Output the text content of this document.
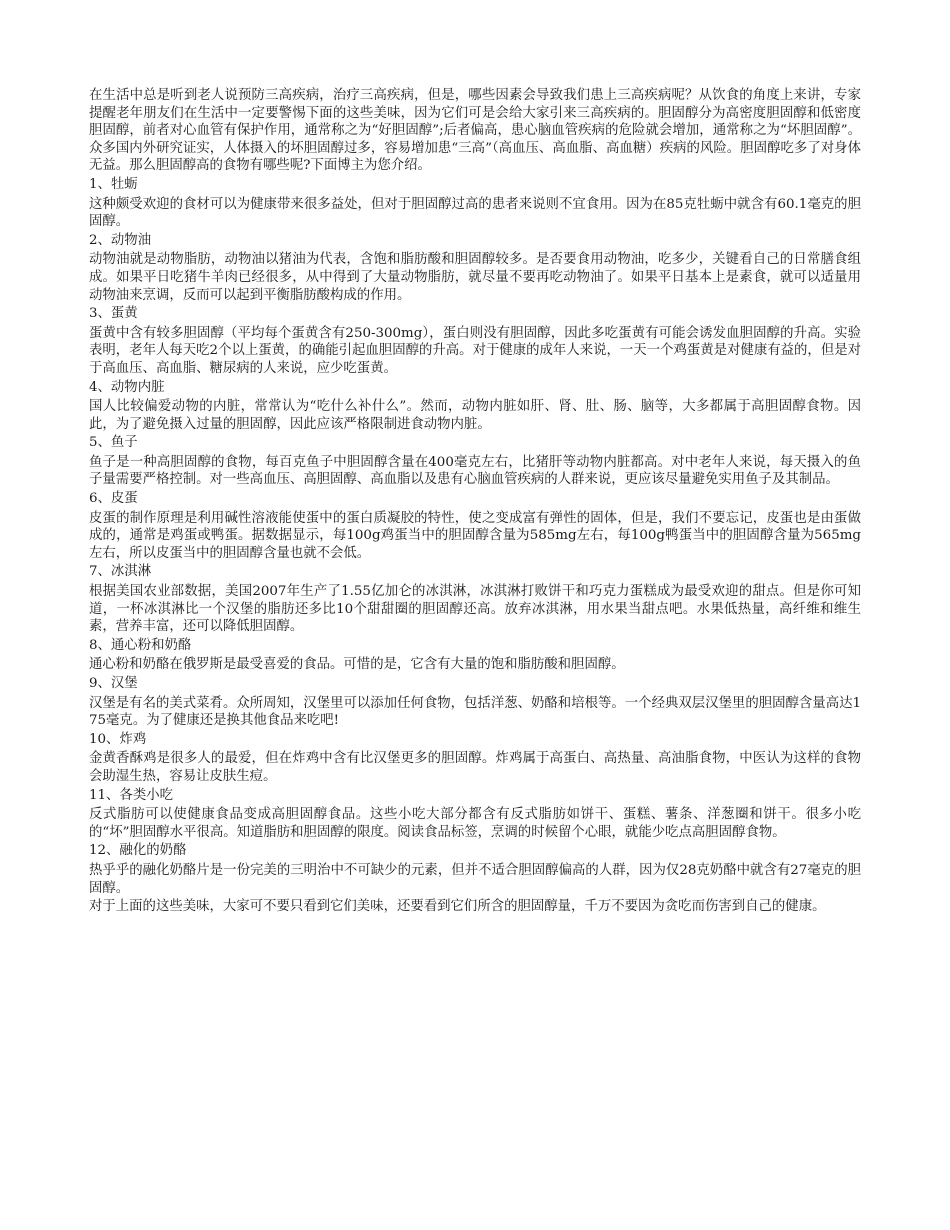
在生活中总是听到老人说预防三高疾病，治疗三高疾病，但是，哪些因素会导致我们患上三高疾病呢？从饮食的角度上来讲，专家提醒老年朋友们在生活中一定要警惕下面的这些美味，因为它们可是会给大家引来三高疾病的。胆固醇分为高密度胆固醇和低密度胆固醇，前者对心血管有保护作用，通常称之为“好胆固醇”;后者偏高，患心脑血管疾病的危险就会增加，通常称之为“坏胆固醇”。众多国内外研究证实，人体摄入的坏胆固醇过多，容易增加患“三高”（高血压、高血脂、高血糖）疾病的风险。胆固醇吃多了对身体无益。那么胆固醇高的食物有哪些呢?下面博主为您介绍。

1、牡蛎

这种颇受欢迎的食材可以为健康带来很多益处，但对于胆固醇过高的患者来说则不宜食用。因为在85克牡蛎中就含有60.1毫克的胆固醇。

2、动物油

动物油就是动物脂肪，动物油以猪油为代表，含饱和脂肪酸和胆固醇较多。是否要食用动物油，吃多少，关键看自己的日常膳食组成。如果平日吃猪牛羊肉已经很多，从中得到了大量动物脂肪，就尽量不要再吃动物油了。如果平日基本上是素食，就可以适量用动物油来烹调，反而可以起到平衡脂肪酸构成的作用。

3、蛋黄

蛋黄中含有较多胆固醇（平均每个蛋黄含有250-300mg），蛋白则没有胆固醇，因此多吃蛋黄有可能会诱发血胆固醇的升高。实验表明，老年人每天吃2个以上蛋黄，的确能引起血胆固醇的升高。对于健康的成年人来说，一天一个鸡蛋黄是对健康有益的，但是对于高血压、高血脂、糖尿病的人来说，应少吃蛋黄。

4、动物内脏

国人比较偏爱动物的内脏，常常认为“吃什么补什么”。然而，动物内脏如肝、肾、肚、肠、脑等，大多都属于高胆固醇食物。因此，为了避免摄入过量的胆固醇，因此应该严格限制进食动物内脏。

5、鱼子

鱼子是一种高胆固醇的食物，每百克鱼子中胆固醇含量在400毫克左右，比猪肝等动物内脏都高。对中老年人来说，每天摄入的鱼子量需要严格控制。对一些高血压、高胆固醇、高血脂以及患有心脑血管疾病的人群来说，更应该尽量避免实用鱼子及其制品。

6、皮蛋

皮蛋的制作原理是利用碱性溶液能使蛋中的蛋白质凝胶的特性，使之变成富有弹性的固体，但是，我们不要忘记，皮蛋也是由蛋做成的，通常是鸡蛋或鸭蛋。据数据显示，每100g鸡蛋当中的胆固醇含量为585mg左右，每100g鸭蛋当中的胆固醇含量为565mg左右，所以皮蛋当中的胆固醇含量也就不会低。

7、冰淇淋

根据美国农业部数据，美国2007年生产了1.55亿加仑的冰淇淋，冰淇淋打败饼干和巧克力蛋糕成为最受欢迎的甜点。但是你可知道，一杯冰淇淋比一个汉堡的脂肪还多比10个甜甜圈的胆固醇还高。放弃冰淇淋，用水果当甜点吧。水果低热量，高纤维和维生素，营养丰富，还可以降低胆固醇。

8、通心粉和奶酪

通心粉和奶酪在俄罗斯是最受喜爱的食品。可惜的是，它含有大量的饱和脂肪酸和胆固醇。

9、汉堡

汉堡是有名的美式菜肴。众所周知，汉堡里可以添加任何食物，包括洋葱、奶酪和培根等。一个经典双层汉堡里的胆固醇含量高达175毫克。为了健康还是换其他食品来吃吧!

10、炸鸡

金黄香酥鸡是很多人的最爱，但在炸鸡中含有比汉堡更多的胆固醇。炸鸡属于高蛋白、高热量、高油脂食物，中医认为这样的食物会助湿生热，容易让皮肤生痘。

11、各类小吃

反式脂肪可以使健康食品变成高胆固醇食品。这些小吃大部分都含有反式脂肪如饼干、蛋糕、薯条、洋葱圈和饼干。很多小吃的“坏”胆固醇水平很高。知道脂肪和胆固醇的限度。阅读食品标签，烹调的时候留个心眼，就能少吃点高胆固醇食物。

12、融化的奶酪

热乎乎的融化奶酪片是一份完美的三明治中不可缺少的元素，但并不适合胆固醇偏高的人群，因为仅28克奶酪中就含有27毫克的胆固醇。

对于上面的这些美味，大家可不要只看到它们美味，还要看到它们所含的胆固醇量，千万不要因为贪吃而伤害到自己的健康。
